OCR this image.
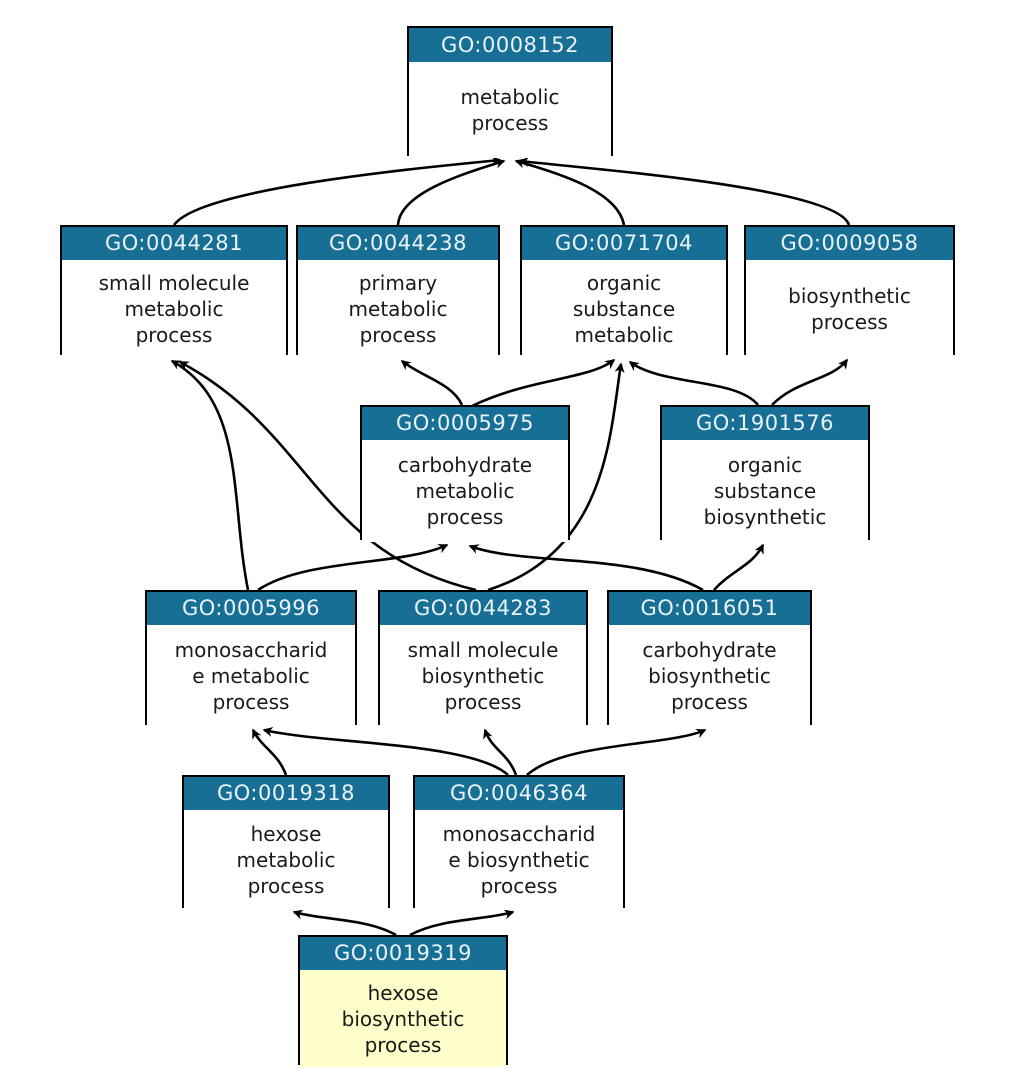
GO:0008152
metabolic
process
GO:0044281
small molecule
metabolic
process
GO:0044238
primary
metabolic
process
GO:0071704
organic
substance
metabolic
GO:0009058
biosynthetic
process
GO:0005975
carbohydrate
metabolic
process
GO:1901576
organic
substance
biosynthetic
GO:0005996
monosaccharid
e metabolic
process
GO:0044283
small molecule
biosynthetic
process
GO:0016051
carbohydrate
biosynthetic
process
GO:0019318
hexose
metabolic
process
GO:0046364
monosaccharid
e biosynthetic
process
GO:0019319
hexose
biosynthetic
process
